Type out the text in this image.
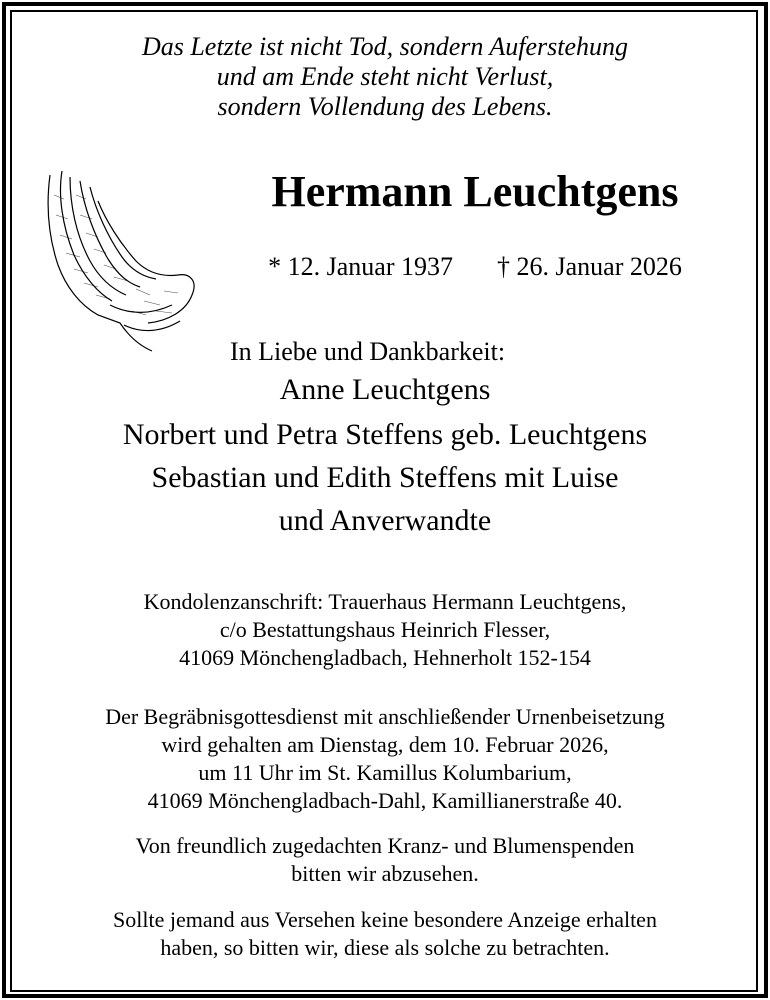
Das Letzte ist nicht Tod, sondern Auferstehung
und am Ende steht nicht Verlust,
sondern Vollendung des Lebens.
Hermann Leuchtgens
* 12. Januar 1937 † 26. Januar 2026
In Liebe und Dankbarkeit:
Anne Leuchtgens
Norbert und Petra Steffens geb. Leuchtgens
Sebastian und Edith Steffens mit Luise
und Anverwandte
Kondolenzanschrift: Trauerhaus Hermann Leuchtgens,
c/o Bestattungshaus Heinrich Flesser,
41069 Mönchengladbach, Hehnerholt 152-154
Der Begräbnisgottesdienst mit anschließender Urnenbeisetzung
wird gehalten am Dienstag, dem 10. Februar 2026,
um 11 Uhr im St. Kamillus Kolumbarium,
41069 Mönchengladbach-Dahl, Kamillianerstraße 40.
Von freundlich zugedachten Kranz- und Blumenspenden
bitten wir abzusehen.
Sollte jemand aus Versehen keine besondere Anzeige erhalten
haben, so bitten wir, diese als solche zu betrachten.
